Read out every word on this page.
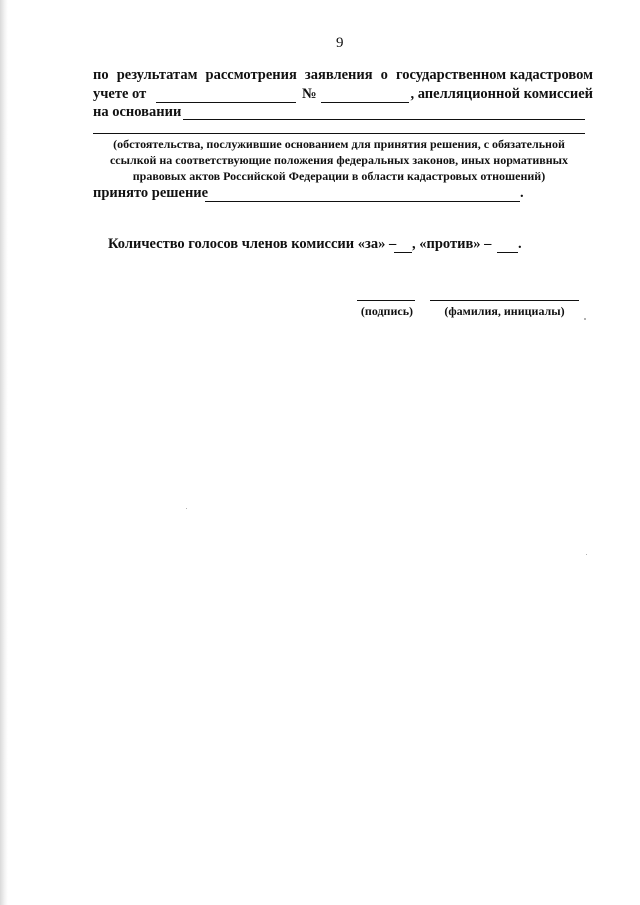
9
по результатам рассмотрения заявления о государственном кадастровом
учете от	№	, апелляционной комиссией
на основании
(обстоятельства, послужившие основанием для принятия решения, с обязательной
ссылкой на соответствующие положения федеральных законов, иных нормативных
правовых актов Российской Федерации в области кадастровых отношений)
принято решение	.
Количество голосов членов комиссии «за» – , «против» – .
(подпись)	(фамилия, инициалы)
